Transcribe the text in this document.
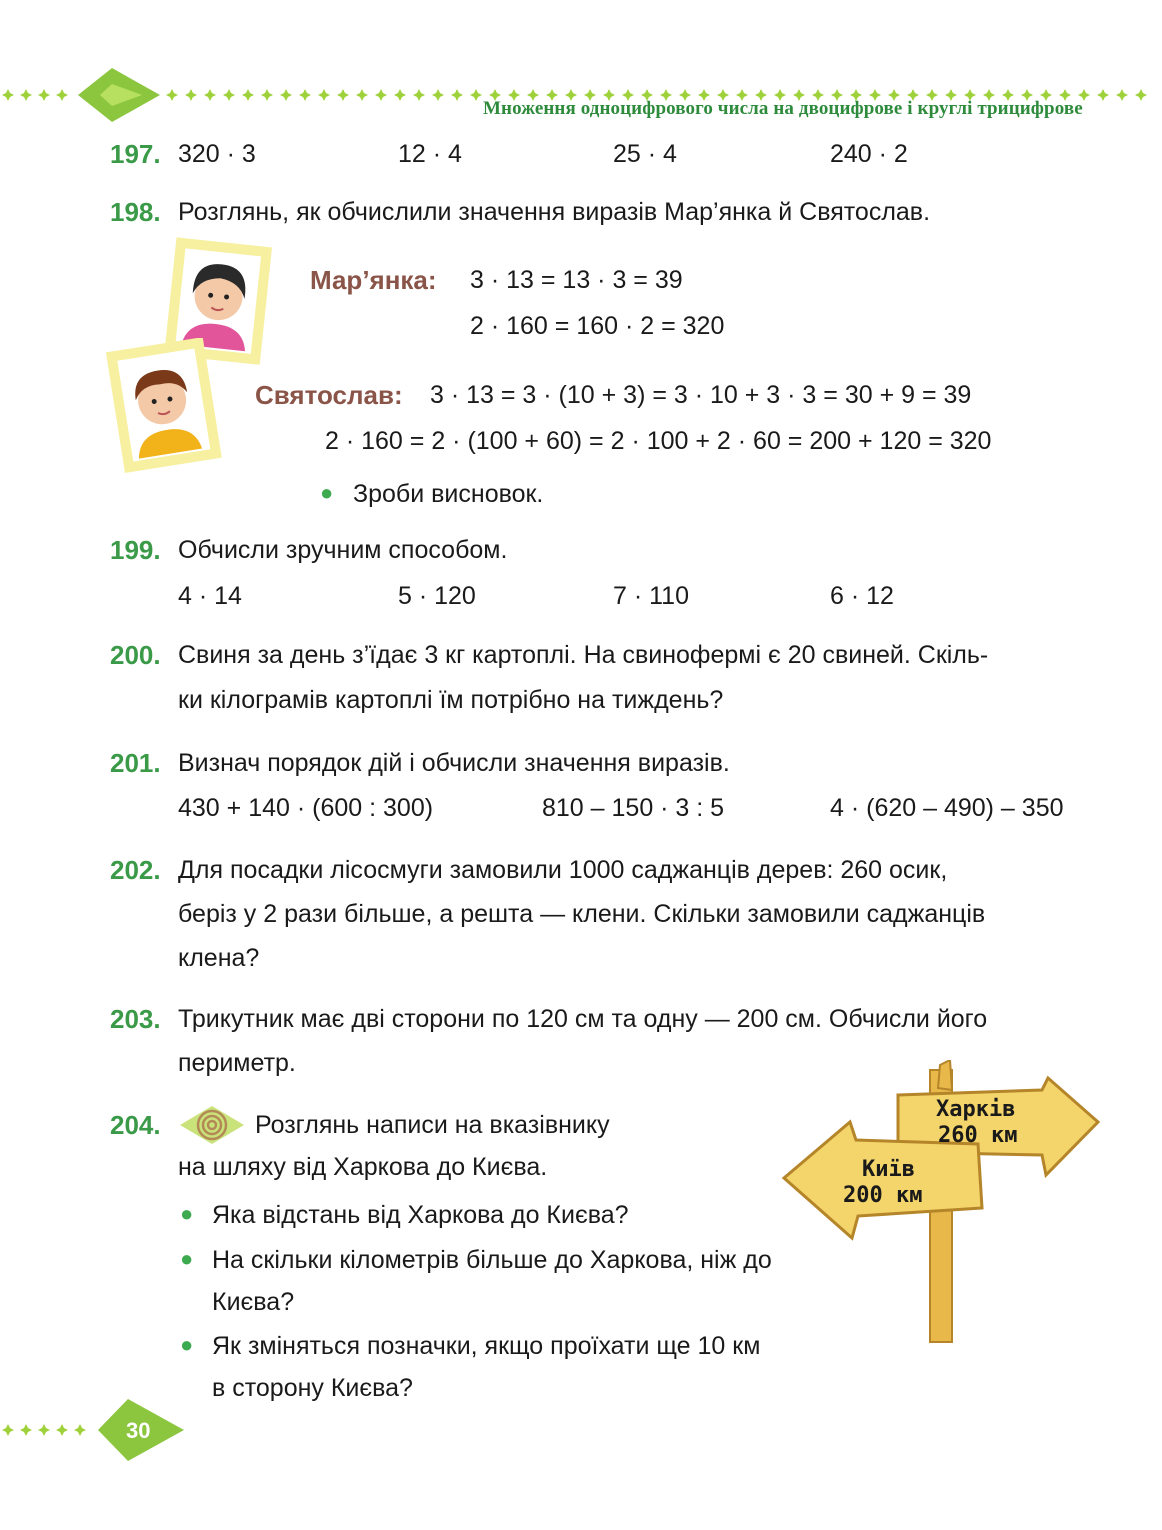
Множення одноцифрового числа на двоцифрове і круглі трицифрове
197. 320 · 3	12 · 4	25 · 4	240 · 2
198. Розглянь, як обчислили значення виразів Мар’янка й Святослав.
Мар’янка: 3 · 13 = 13 · 3 = 39
2 · 160 = 160 · 2 = 320
Святослав: 3 · 13 = 3 · (10 + 3) = 3 · 10 + 3 · 3 = 30 + 9 = 39
2 · 160 = 2 · (100 + 60) = 2 · 100 + 2 · 60 = 200 + 120 = 320
● Зроби висновок.
199. Обчисли зручним способом.
4 · 14	5 · 120	7 · 110	6 · 12
200. Свиня за день з’їдає 3 кг картоплі. На свинофермі є 20 свиней. Скіль-
ки кілограмів картоплі їм потрібно на тиждень?
201. Визнач порядок дій і обчисли значення виразів.
430 + 140 · (600 : 300)	810 – 150 · 3 : 5	4 · (620 – 490) – 350
202. Для посадки лісосмуги замовили 1000 саджанців дерев: 260 осик,
беріз у 2 рази більше, а решта — клени. Скільки замовили саджанців
клена?
203. Трикутник має дві сторони по 120 см та одну — 200 см. Обчисли його
периметр.
204.	Розглянь написи на вказівнику
на шляху від Харкова до Києва.
● Яка відстань від Харкова до Києва?
● На скільки кілометрів більше до Харкова, ніж до
Києва?
● Як зміняться позначки, якщо проїхати ще 10 км
в сторону Києва?
Харків
260 км
Київ
200 км
30
